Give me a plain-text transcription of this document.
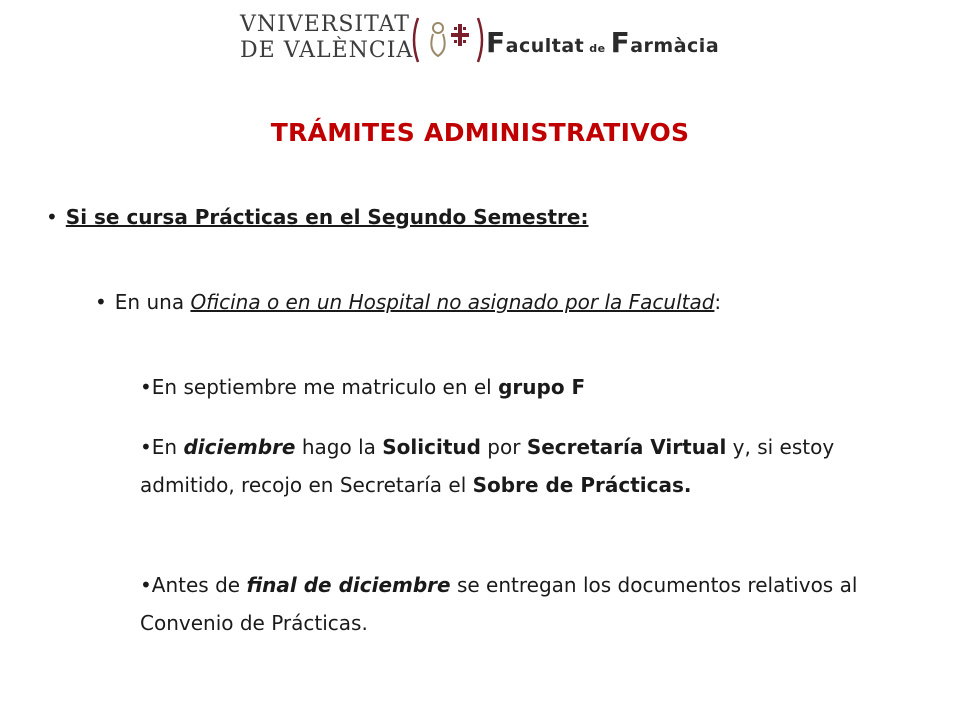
VNIVERSITAT
DE VALÈNCIA	Facultat de Farmàcia
TRÁMITES ADMINISTRATIVOS
• Si se cursa Prácticas en el Segundo Semestre:
• En una Oficina o en un Hospital no asignado por la Facultad:
•En septiembre me matriculo en el grupo F
•En diciembre hago la Solicitud por Secretaría Virtual y, si estoy admitido, recojo en Secretaría el Sobre de Prácticas.
•Antes de final de diciembre se entregan los documentos relativos al Convenio de Prácticas.
